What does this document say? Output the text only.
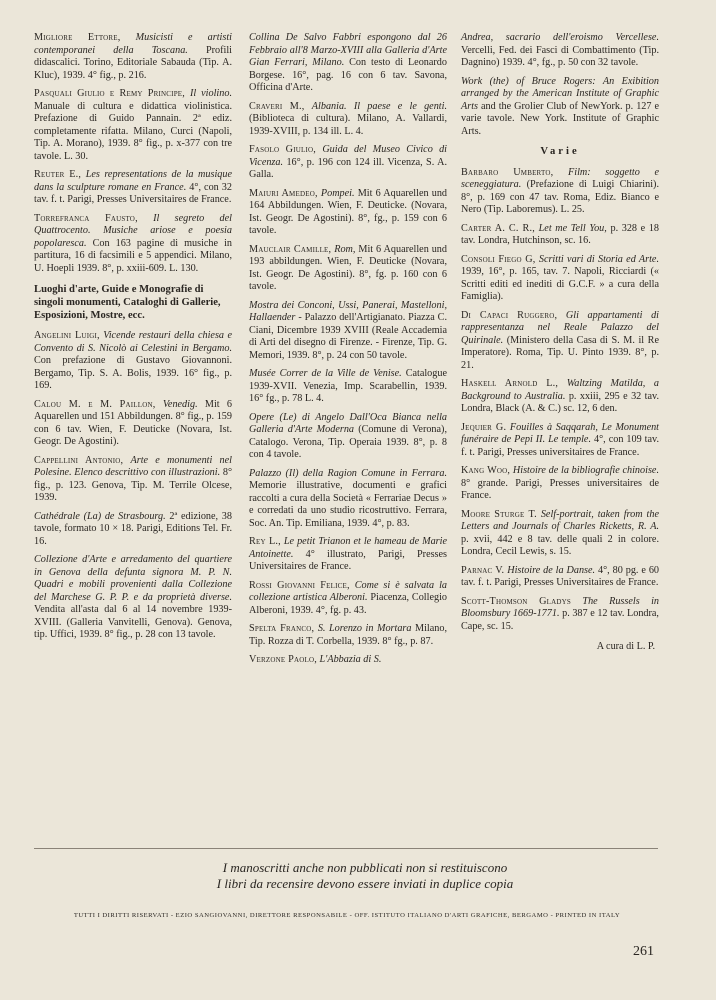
Migliore Ettore, Musicisti e artisti contemporanei della Toscana. Profili didascalici. Torino, Editoriale Sabauda (Tip. A. Kluc), 1939. 4° fig., p. 216.
Pasquali Giulio e Remy Principe, Il violino. Manuale di cultura e didattica violinistica. Prefazione di Guido Pannain. 2ª ediz. completamente rifatta. Milano, Curci (Napoli, Tip. A. Morano), 1939. 8° fig., p. x-377 con tre tavole. L. 30.
Reuter E., Les representations de la musique dans la sculpture romane en France. 4°, con 32 tav. f. t. Parigi, Presses Universitaires de France.
Torrefranca Fausto, Il segreto del Quattrocento. Musiche ariose e poesia popolaresca. Con 163 pagine di musiche in partitura, 16 di facsimili e 5 appendici. Milano, U. Hoepli 1939. 8°, p. xxiii-609. L. 130.
Luoghi d'arte, Guide e Monografie di singoli monumenti, Cataloghi di Gallerie, Esposizioni, Mostre, ecc.
Angelini Luigi, Vicende restauri della chiesa e Convento di S. Nicolò ai Celestini in Bergamo. Con prefazione di Gustavo Giovannoni. Bergamo, Tip. S. A. Bolis, 1939. 16° fig., p. 169.
Calou M. e M. Paillon, Venedig. Mit 6 Aquarellen und 151 Abbildungen. 8° fig., p. 159 con 6 tav. Wien, F. Deuticke (Novara, Ist. Geogr. De Agostini).
Cappellini Antonio, Arte e monumenti nel Polesine. Elenco descrittivo con illustrazioni. 8° fig., p. 123. Genova, Tip. M. Terrile Olcese, 1939.
Cathédrale (La) de Strasbourg. 2ª edizione, 38 tavole, formato 10 × 18. Parigi, Editions Tel. Fr. 16.
Collezione d'Arte e arredamento del quartiere in Genova della defunta signora M. P. N. Quadri e mobili provenienti dalla Collezione del Marchese G. P. P. e da proprietà diverse. Vendita all'asta dal 6 al 14 novembre 1939-XVIII. (Galleria Vanvitelli, Genova). Genova, tip. Uffici, 1939. 8° fig., p. 28 con 13 tavole.
Collina De Salvo Fabbri espongono dal 26 Febbraio all'8 Marzo-XVIII alla Galleria d'Arte Gian Ferrari, Milano. Con testo di Leonardo Borgese. 16°, pag. 16 con 6 tav. Savona, Officina d'Arte.
Craveri M., Albania. Il paese e le genti. (Biblioteca di cultura). Milano, A. Vallardi, 1939-XVIII, p. 134 ill. L. 4.
Fasolo Giulio, Guida del Museo Civico di Vicenza. 16°, p. 196 con 124 ill. Vicenza, S. A. Galla.
Maiuri Amedeo, Pompei. Mit 6 Aquarellen und 164 Abbildungen. Wien, F. Deuticke. (Novara, Ist. Geogr. De Agostini). 8°, fg., p. 159 con 6 tavole.
Mauclair Camille, Rom, Mit 6 Aquarellen und 193 abbildungen. Wien, F. Deuticke (Novara, Ist. Geogr. De Agostini). 8°, fg. p. 160 con 6 tavole.
Mostra dei Conconi, Ussi, Panerai, Mastelloni, Hallaender - Palazzo dell'Artigianato. Piazza C. Ciani, Dicembre 1939 XVIII (Reale Accademia di Arti del disegno di Firenze. - Firenze, Tip. G. Memori, 1939. 8°, p. 24 con 50 tavole.
Musée Correr de la Ville de Venise. Catalogue 1939-XVII. Venezia, Imp. Scarabellin, 1939. 16° fg., p. 78 L. 4.
Opere (Le) di Angelo Dall'Oca Bianca nella Galleria d'Arte Moderna (Comune di Verona), Catalogo. Verona, Tip. Operaia 1939. 8°, p. 8 con 4 tavole.
Palazzo (Il) della Ragion Comune in Ferrara. Memorie illustrative, documenti e grafici raccolti a cura della Società « Ferrariae Decus » e corredati da uno studio ricostruttivo. Ferrara, Soc. An. Tip. Emiliana, 1939. 4°, p. 83.
Rey L., Le petit Trianon et le hameau de Marie Antoinette. 4° illustrato, Parigi, Presses Universitaires de France.
Rossi Giovanni Felice, Come si è salvata la collezione artistica Alberoni. Piacenza, Collegio Alberoni, 1939. 4°, fg. p. 43.
Spelta Franco, S. Lorenzo in Mortara Milano, Tip. Rozza di T. Corbella, 1939. 8° fg., p. 87.
Verzone Paolo, L'Abbazia di S.
Andrea, sacrario dell'eroismo Vercellese. Vercelli, Fed. dei Fasci di Combattimento (Tip. Dagnino) 1939. 4°, fg., p. 50 con 32 tavole.
Work (the) of Bruce Rogers: An Exibition arranged by the American Institute of Graphic Arts and the Grolier Club of NewYork. p. 127 e varie tavole. New York. Institute of Graphic Arts.
Varie
Barbaro Umberto, Film: soggetto e sceneggiatura. (Prefazione di Luigi Chiarini). 8°, p. 169 con 47 tav. Roma, Ediz. Bianco e Nero (Tip. Laboremus). L. 25.
Carter A. C. R., Let me Tell You, p. 328 e 18 tav. Londra, Hutchinson, sc. 16.
Consoli Fiego G, Scritti vari di Storia ed Arte. 1939, 16°, p. 165, tav. 7. Napoli, Ricciardi (« Scritti editi ed inediti di G.C.F. » a cura della Famiglia).
Di Capaci Ruggero, Gli appartamenti di rappresentanza nel Reale Palazzo del Quirinale. (Ministero della Casa di S. M. il Re Imperatore). Roma, Tip. U. Pinto 1939. 8°, p. 21.
Haskell Arnold L., Waltzing Matilda, a Background to Australia. p. xxiii, 295 e 32 tav. Londra, Black (A. & C.) sc. 12, 6 den.
Jequier G. Fouilles à Saqqarah, Le Monument funéraire de Pepi II. Le temple. 4°, con 109 tav. f. t. Parigi, Presses universitaires de France.
Kang Woo, Histoire de la bibliografie chinoise. 8° grande. Parigi, Presses universitaires de France.
Moore Sturge T. Self-portrait, taken from the Letters and Journals of Charles Ricketts, R. A. p. xvii, 442 e 8 tav. delle quali 2 in colore. Londra, Cecil Lewis, s. 15.
Parnac V. Histoire de la Danse. 4°, 80 pg. e 60 tav. f. t. Parigi, Presses Universitaires de France.
Scott-Thomson Gladys The Russels in Bloomsbury 1669-1771. p. 387 e 12 tav. Londra, Cape, sc. 15.
A cura di L. P.
I manoscritti anche non pubblicati non si restituiscono
I libri da recensire devono essere inviati in duplice copia
TUTTI I DIRITTI RISERVATI - EZIO SANGIOVANNI, DIRETTORE RESPONSABILE - OFF. ISTITUTO ITALIANO D'ARTI GRAFICHE, BERGAMO - PRINTED IN ITALY
261
